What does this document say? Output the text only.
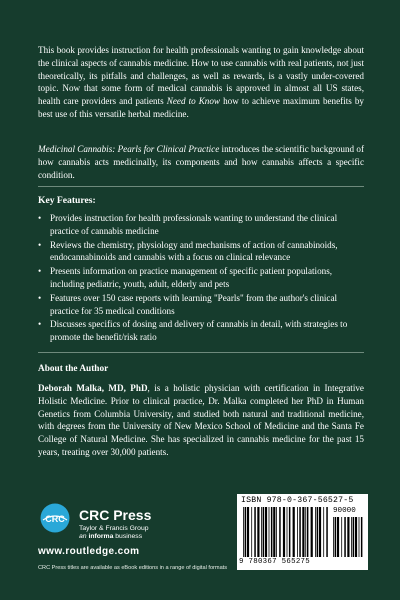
This book provides instruction for health professionals wanting to gain knowledge about the clinical aspects of cannabis medicine. How to use cannabis with real patients, not just theoretically, its pitfalls and challenges, as well as rewards, is a vastly under-covered topic. Now that some form of medical cannabis is approved in almost all US states, health care providers and patients Need to Know how to achieve maximum benefits by best use of this versatile herbal medicine.

Medicinal Cannabis: Pearls for Clinical Practice introduces the scientific background of how cannabis acts medicinally, its components and how cannabis affects a specific condition.

Key Features:
• Provides instruction for health professionals wanting to understand the clinical practice of cannabis medicine
• Reviews the chemistry, physiology and mechanisms of action of cannabinoids, endocannabinoids and cannabis with a focus on clinical relevance
• Presents information on practice management of specific patient populations, including pediatric, youth, adult, elderly and pets
• Features over 150 case reports with learning "Pearls" from the author's clinical practice for 35 medical conditions
• Discusses specifics of dosing and delivery of cannabis in detail, with strategies to promote the benefit/risk ratio
About the Author

Deborah Malka, MD, PhD, is a holistic physician with certification in Integrative Holistic Medicine. Prior to clinical practice, Dr. Malka completed her PhD in Human Genetics from Columbia University, and studied both natural and traditional medicine, with degrees from the University of New Mexico School of Medicine and the Santa Fe College of Natural Medicine. She has specialized in cannabis medicine for the past 15 years, treating over 30,000 patients.

CRC CRC Press
Taylor & Francis Group
an informa business
www.routledge.com
CRC Press titles are available as eBook editions in a range of digital formats
ISBN 978-0-367-56527-5
90000
9 780367 565275
